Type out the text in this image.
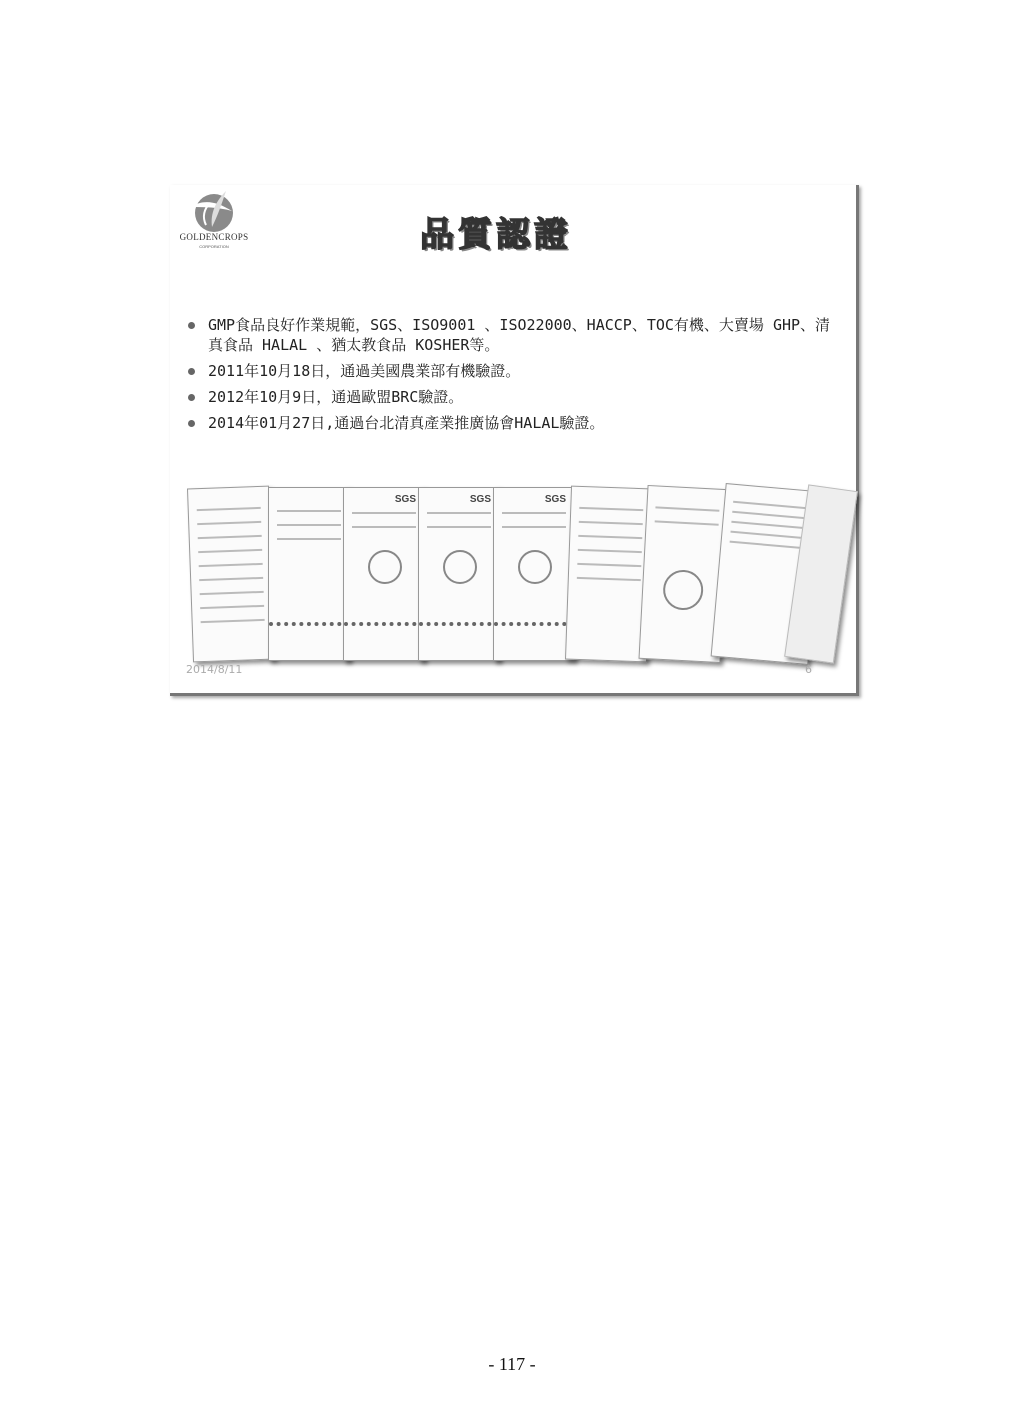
GOLDENCROPS
CORPORATION	品質認證
GMP食品良好作業規範，SGS、ISO9001 、ISO22000、HACCP、TOC有機、大賣場 GHP、清真食品 HALAL 、猶太教食品 KOSHER等。
2011年10月18日，通過美國農業部有機驗證。
2012年10月9日，通過歐盟BRC驗證。
2014年01月27日,通過台北清真產業推廣協會HALAL驗證。
SGS	SGS	SGS
2014/8/11	6
- 117 -
